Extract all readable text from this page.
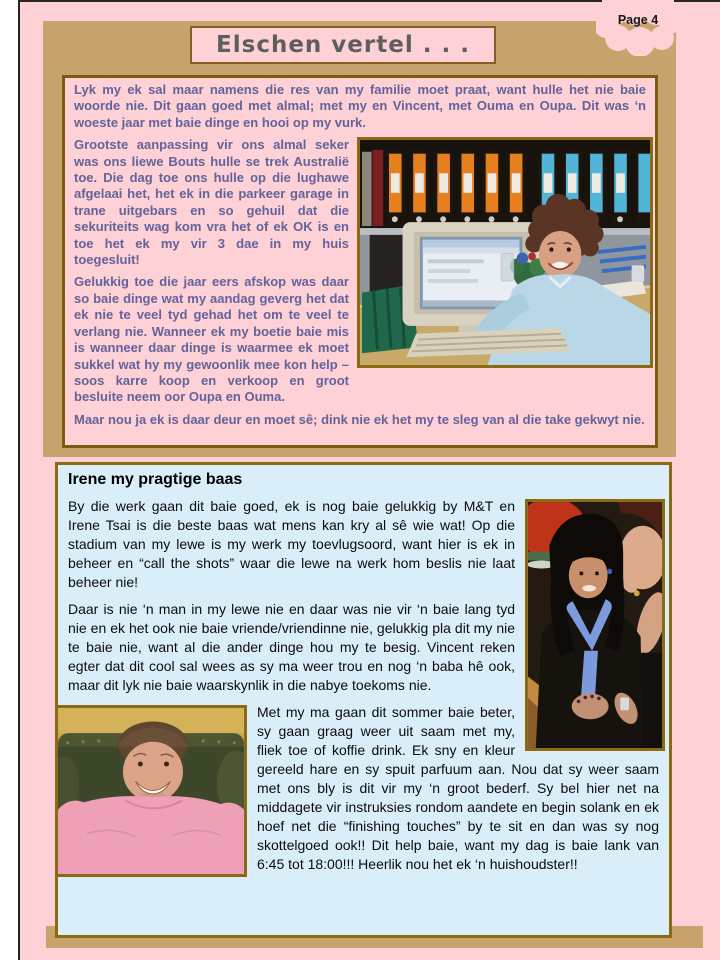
Elschen vertel . . .
Page 4

Lyk my ek sal maar namens die res van my familie moet praat, want hulle het nie baie woorde nie. Dit gaan goed met almal; met my en Vincent, met Ouma en Oupa. Dit was ‘n woeste jaar met baie dinge en hooi op my vurk.

Grootste aanpassing vir ons almal seker was ons liewe Bouts hulle se trek Australië toe. Die dag toe ons hulle op die lughawe afgelaai het, het ek in die parkeer garage in trane uitgebars en so gehuil dat die sekuriteits wag kom vra het of ek OK is en toe het ek my vir 3 dae in my huis toegesluit!

Gelukkig toe die jaar eers afskop was daar so baie dinge wat my aandag geverg het dat ek nie te veel tyd gehad het om te veel te verlang nie. Wanneer ek my boetie baie mis is wanneer daar dinge is waarmee ek moet sukkel wat hy my gewoonlik mee kon help – soos karre koop en verkoop en groot besluite neem oor Oupa en Ouma.

Maar nou ja ek is daar deur en moet sê; dink nie ek het my te sleg van al die take gekwyt nie.

Irene my pragtige baas

By die werk gaan dit baie goed, ek is nog baie gelukkig by M&T en Irene Tsai is die beste baas wat mens kan kry al sê wie wat! Op die stadium van my lewe is my werk my toevlugsoord, want hier is ek in beheer en “call the shots” waar die lewe na werk hom beslis nie laat beheer nie!

Daar is nie ‘n man in my lewe nie en daar was nie vir ‘n baie lang tyd nie en ek het ook nie baie vriende/vriendinne nie, gelukkig pla dit my nie te baie nie, want al die ander dinge hou my te besig. Vincent reken egter dat dit cool sal wees as sy ma weer trou en nog ‘n baba hê ook, maar dit lyk nie baie waarskynlik in die nabye toekoms nie.

Met my ma gaan dit sommer baie beter, sy gaan graag weer uit saam met my, fliek toe of koffie drink. Ek sny en kleur gereeld hare en sy spuit parfuum aan. Nou dat sy weer saam met ons bly is dit vir my ‘n groot bederf. Sy bel hier net na middagete vir instruksies rondom aandete en begin solank en ek hoef net die “finishing touches” by te sit en dan was sy nog skottelgoed ook!! Dit help baie, want my dag is baie lank van 6:45 tot 18:00!!! Heerlik nou het ek ‘n huishoudster!!
